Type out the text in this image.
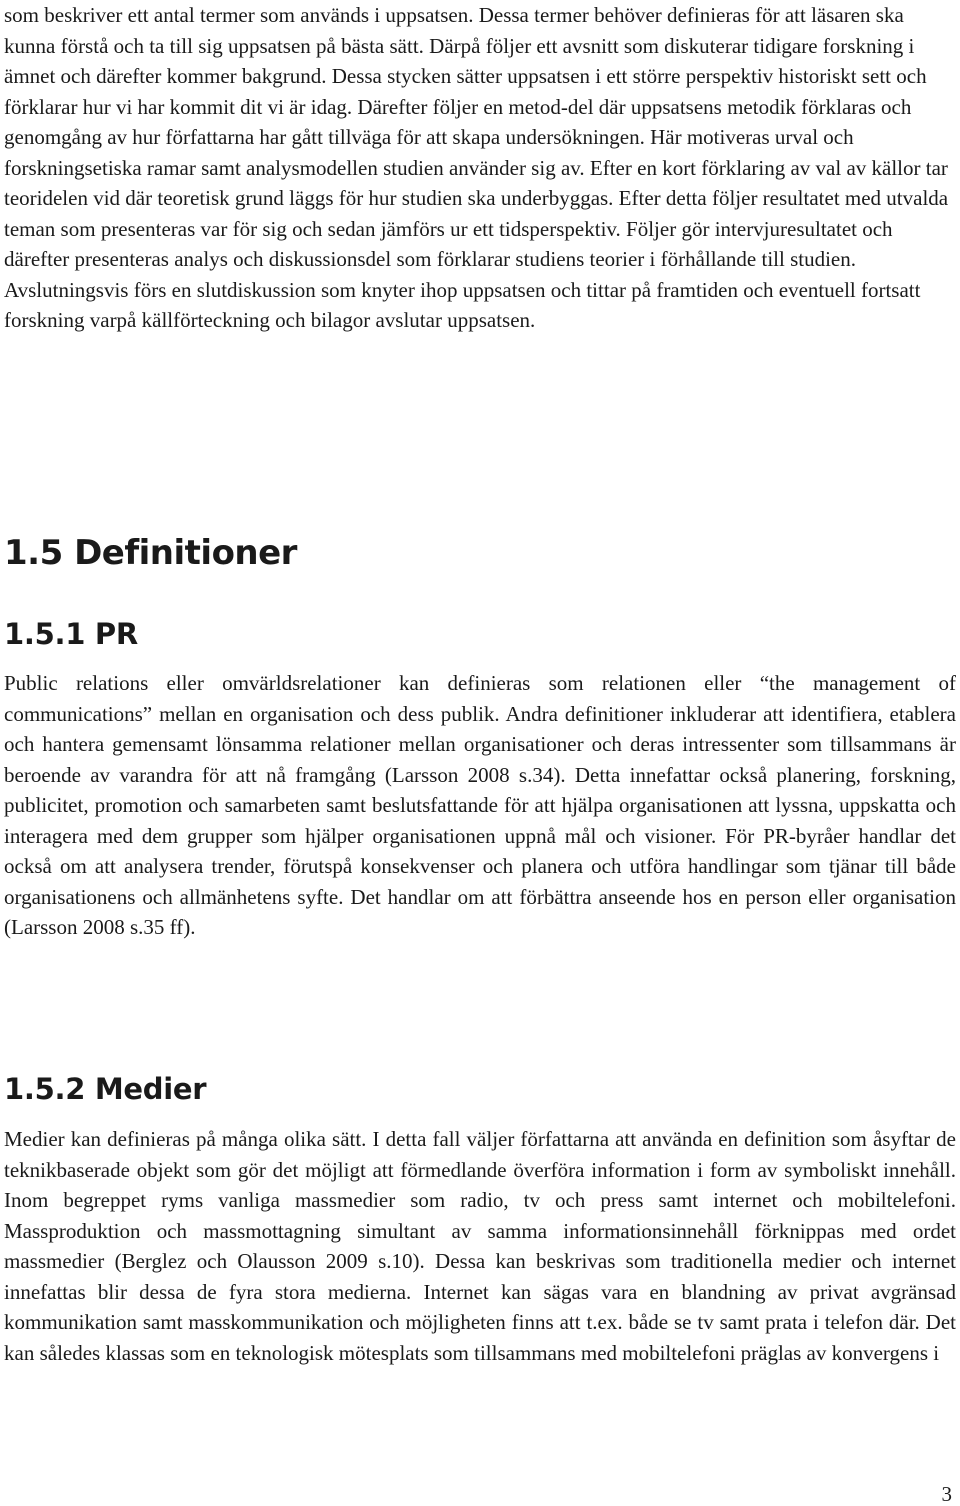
som beskriver ett antal termer som används i uppsatsen. Dessa termer behöver definieras för att läsaren ska kunna förstå och ta till sig uppsatsen på bästa sätt. Därpå följer ett avsnitt som diskuterar tidigare forskning i ämnet och därefter kommer bakgrund. Dessa stycken sätter uppsatsen i ett större perspektiv historiskt sett och förklarar hur vi har kommit dit vi är idag. Därefter följer en metod-del där uppsatsens metodik förklaras och genomgång av hur författarna har gått tillväga för att skapa undersökningen. Här motiveras urval och forskningsetiska ramar samt analysmodellen studien använder sig av. Efter en kort förklaring av val av källor tar teoridelen vid där teoretisk grund läggs för hur studien ska underbyggas. Efter detta följer resultatet med utvalda teman som presenteras var för sig och sedan jämförs ur ett tidsperspektiv. Följer gör intervjuresultatet och därefter presenteras analys och diskussionsdel som förklarar studiens teorier i förhållande till studien. Avslutningsvis förs en slutdiskussion som knyter ihop uppsatsen och tittar på framtiden och eventuell fortsatt forskning varpå källförteckning och bilagor avslutar uppsatsen.

1.5 Definitioner
1.5.1 PR

Public relations eller omvärldsrelationer kan definieras som relationen eller “the management of communications” mellan en organisation och dess publik. Andra definitioner inkluderar att identifiera, etablera och hantera gemensamt lönsamma relationer mellan organisationer och deras intressenter som tillsammans är beroende av varandra för att nå framgång (Larsson 2008 s.34). Detta innefattar också planering, forskning, publicitet, promotion och samarbeten samt beslutsfattande för att hjälpa organisationen att lyssna, uppskatta och interagera med dem grupper som hjälper organisationen uppnå mål och visioner. För PR-byråer handlar det också om att analysera trender, förutspå konsekvenser och planera och utföra handlingar som tjänar till både organisationens och allmänhetens syfte. Det handlar om att förbättra anseende hos en person eller organisation (Larsson 2008 s.35 ff).

1.5.2 Medier

Medier kan definieras på många olika sätt. I detta fall väljer författarna att använda en definition som åsyftar de teknikbaserade objekt som gör det möjligt att förmedlande överföra information i form av symboliskt innehåll. Inom begreppet ryms vanliga massmedier som radio, tv och press samt internet och mobiltelefoni. Massproduktion och massmottagning simultant av samma informationsinnehåll förknippas med ordet massmedier (Berglez och Olausson 2009 s.10). Dessa kan beskrivas som traditionella medier och internet innefattas blir dessa de fyra stora medierna. Internet kan sägas vara en blandning av privat avgränsad kommunikation samt masskommunikation och möjligheten finns att t.ex. både se tv samt prata i telefon där. Det kan således klassas som en teknologisk mötesplats som tillsammans med mobiltelefoni präglas av konvergens i

3
